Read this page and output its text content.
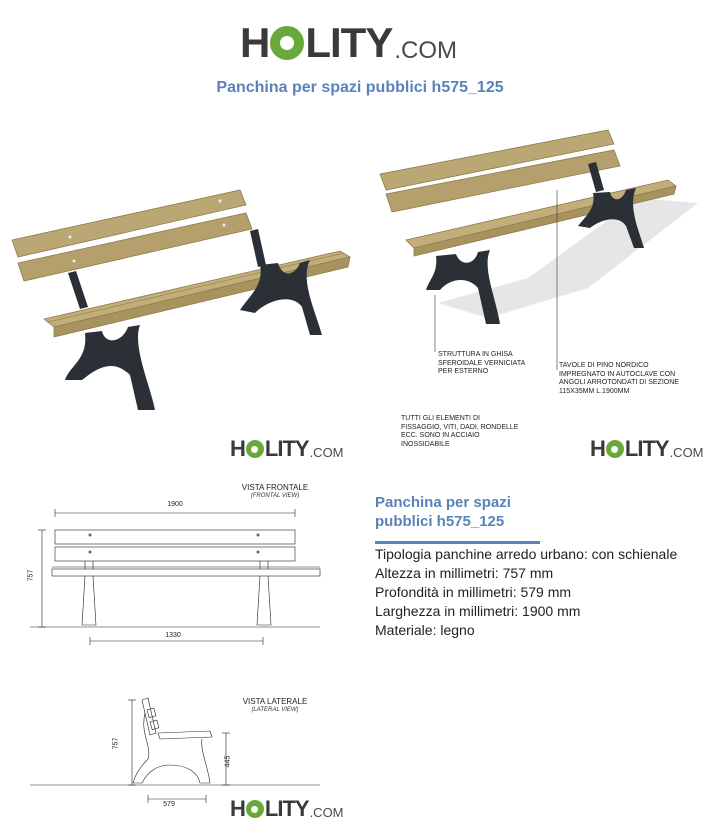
H LITY .COM
Panchina per spazi pubblici h575_125
STRUTTURA IN GHISA
SFEROIDALE VERNICIATA
PER ESTERNO
TAVOLE DI PINO NORDICO
IMPREGNATO IN AUTOCLAVE CON
ANGOLI ARROTONDATI DI SEZIONE
115X35MM L.1900MM
TUTTI GLI ELEMENTI DI
FISSAGGIO, VITI, DADI, RONDELLE
ECC. SONO IN ACCIAIO
INOSSIDABILE
H LITY .COM	H LITY .COM
H LITY .COM
VISTA FRONTALE
(FRONTAL VIEW)
1900
757
1330
VISTA LATERALE
(LATERAL VIEW)
757
445
579
Panchina per spazi
pubblici h575_125
Tipologia panchine arredo urbano: con schienale
Altezza in millimetri: 757 mm
Profondità in millimetri: 579 mm
Larghezza in millimetri: 1900 mm
Materiale: legno
